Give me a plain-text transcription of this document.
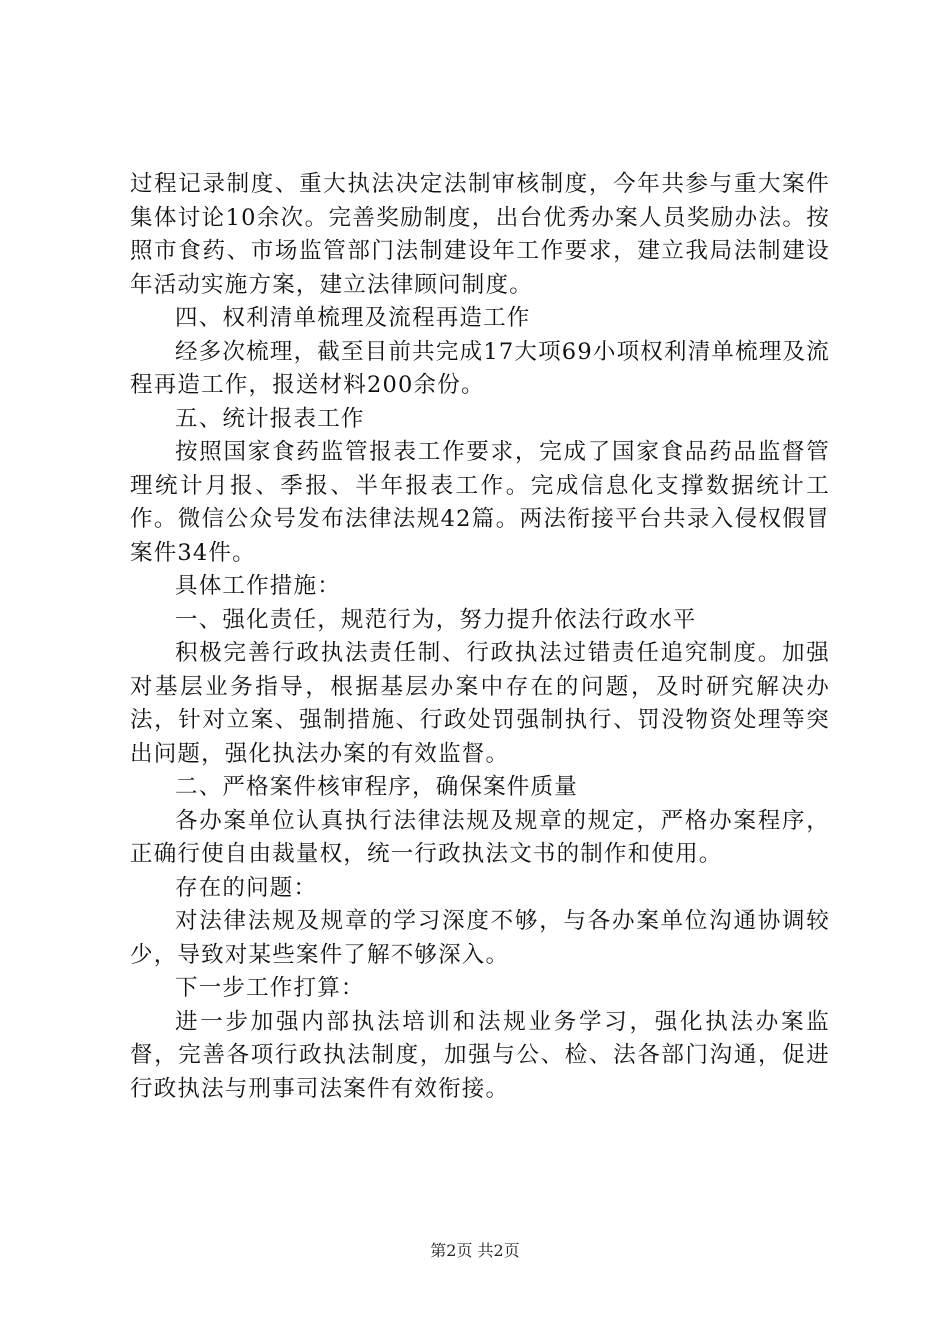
过程记录制度、重大执法决定法制审核制度，今年共参与重大案件集体讨论10余次。完善奖励制度，出台优秀办案人员奖励办法。按照市食药、市场监管部门法制建设年工作要求，建立我局法制建设年活动实施方案，建立法律顾问制度。

四、权利清单梳理及流程再造工作

经多次梳理，截至目前共完成17大项69小项权利清单梳理及流程再造工作，报送材料200余份。

五、统计报表工作

按照国家食药监管报表工作要求，完成了国家食品药品监督管理统计月报、季报、半年报表工作。完成信息化支撑数据统计工作。微信公众号发布法律法规42篇。两法衔接平台共录入侵权假冒案件34件。

具体工作措施：

一、强化责任，规范行为，努力提升依法行政水平

积极完善行政执法责任制、行政执法过错责任追究制度。加强对基层业务指导，根据基层办案中存在的问题，及时研究解决办法，针对立案、强制措施、行政处罚强制执行、罚没物资处理等突出问题，强化执法办案的有效监督。

二、严格案件核审程序，确保案件质量

各办案单位认真执行法律法规及规章的规定，严格办案程序，正确行使自由裁量权，统一行政执法文书的制作和使用。

存在的问题：

对法律法规及规章的学习深度不够，与各办案单位沟通协调较少，导致对某些案件了解不够深入。

下一步工作打算：

进一步加强内部执法培训和法规业务学习，强化执法办案监督，完善各项行政执法制度，加强与公、检、法各部门沟通，促进行政执法与刑事司法案件有效衔接。

第2页 共2页
